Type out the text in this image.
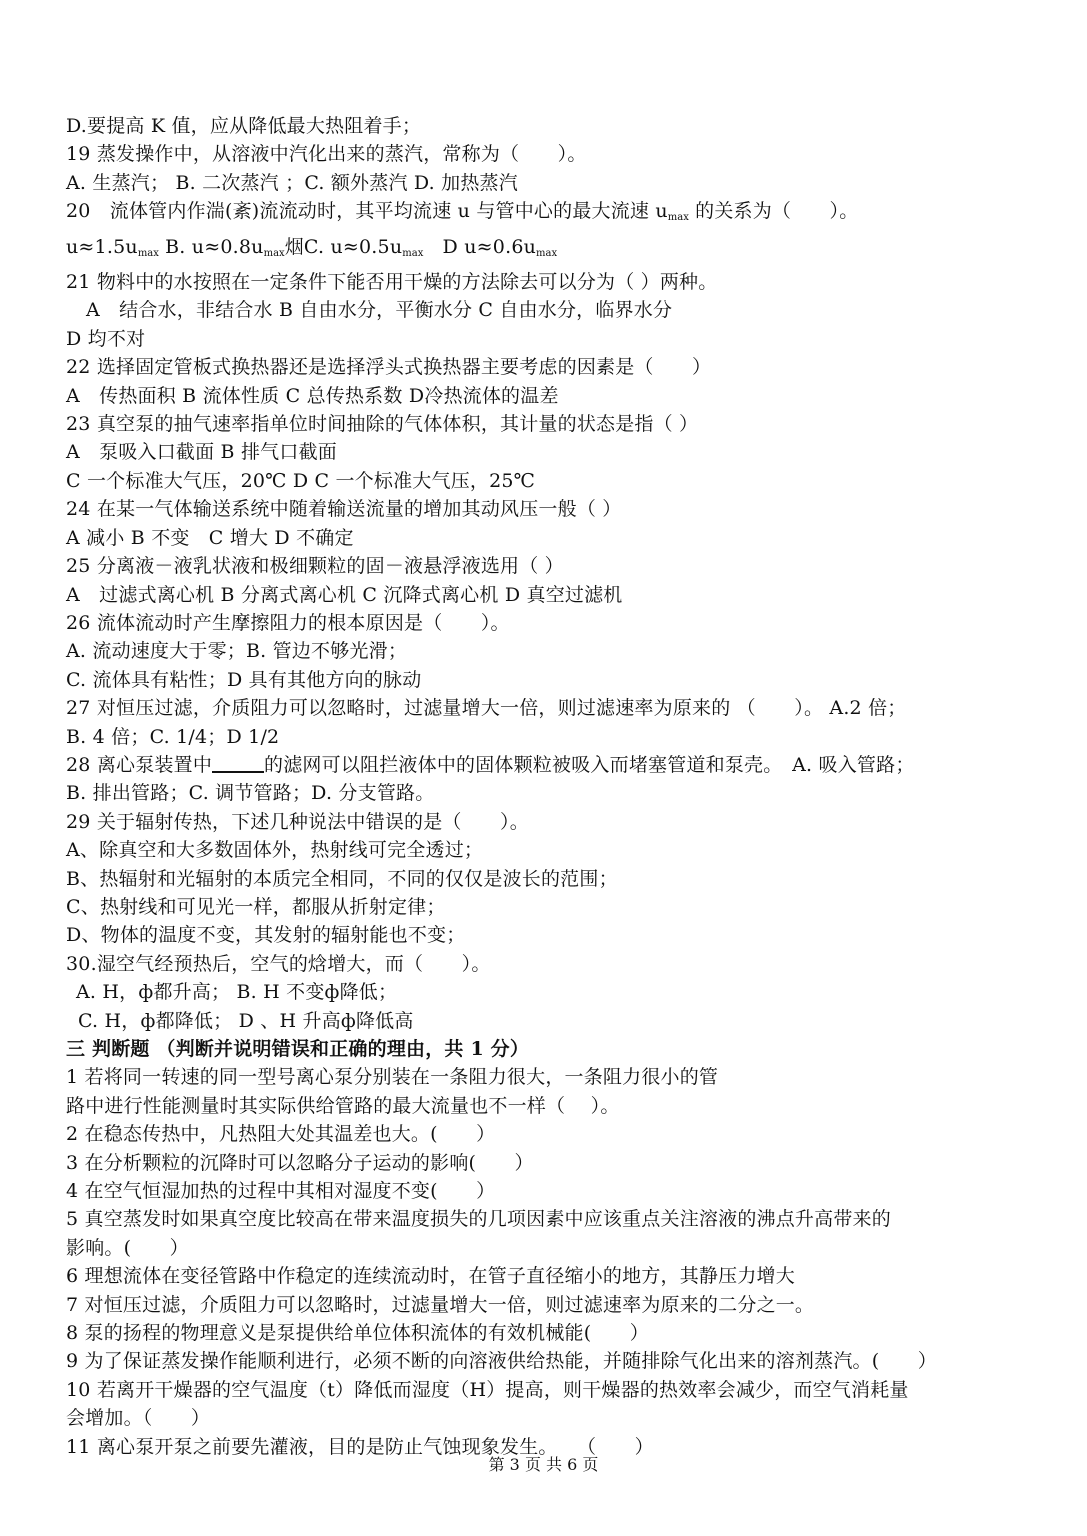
D.要提高 K 值，应从降低最大热阻着手；
19 蒸发操作中，从溶液中汽化出来的蒸汽，常称为（　　）。
A. 生蒸汽； B. 二次蒸汽 ；C. 额外蒸汽 D. 加热蒸汽
20　流体管内作湍(紊)流流动时，其平均流速 u 与管中心的最大流速 $u_{max}$ 的关系为（　　）。
$u\approx 1.5u_{max}$ B. $u\approx 0.8u_{max}$烟C. $u\approx 0.5u_{max}$　D $u\approx 0.6u_{max}$
21 物料中的水按照在一定条件下能否用干燥的方法除去可以分为（ ）两种。
A　结合水，非结合水 B 自由水分，平衡水分 C 自由水分，临界水分
D 均不对
22 选择固定管板式换热器还是选择浮头式换热器主要考虑的因素是（　　）
A　传热面积 B 流体性质 C 总传热系数 D冷热流体的温差
23 真空泵的抽气速率指单位时间抽除的气体体积，其计量的状态是指（ ）
A　泵吸入口截面 B 排气口截面
C 一个标准大气压，20℃ D C 一个标准大气压，25℃
24 在某一气体输送系统中随着输送流量的增加其动风压一般（ ）
A 减小 B 不变　C 增大 D 不确定
25 分离液－液乳状液和极细颗粒的固－液悬浮液选用（ ）
A　过滤式离心机 B 分离式离心机 C 沉降式离心机 D 真空过滤机
26 流体流动时产生摩擦阻力的根本原因是（　　）。
A. 流动速度大于零；B. 管边不够光滑；
C. 流体具有粘性；D 具有其他方向的脉动
27 对恒压过滤，介质阻力可以忽略时，过滤量增大一倍，则过滤速率为原来的 （　　）。 A.2 倍；
B. 4 倍；C. 1/4；D 1/2
28 离心泵装置中	的滤网可以阻拦液体中的固体颗粒被吸入而堵塞管道和泵壳。　A. 吸入管路；
B. 排出管路；C. 调节管路；D. 分支管路。
29 关于辐射传热，下述几种说法中错误的是（　　）。
A、除真空和大多数固体外，热射线可完全透过；
B、热辐射和光辐射的本质完全相同，不同的仅仅是波长的范围；
C、热射线和可见光一样，都服从折射定律；
D、物体的温度不变，其发射的辐射能也不变；
30.湿空气经预热后，空气的焓增大，而（　　）。
A. H，ф都升高； B. H 不变ф降低；
C. H，ф都降低； D 、H 升高ф降低高
三 判断题 （判断并说明错误和正确的理由，共 1 分）
1 若将同一转速的同一型号离心泵分别装在一条阻力很大，一条阻力很小的管
路中进行性能测量时其实际供给管路的最大流量也不一样（　 ）。
2 在稳态传热中，凡热阻大处其温差也大。(　　）
3 在分析颗粒的沉降时可以忽略分子运动的影响(　　）
4 在空气恒湿加热的过程中其相对湿度不变(　　）
5 真空蒸发时如果真空度比较高在带来温度损失的几项因素中应该重点关注溶液的沸点升高带来的
影响。(　　）
6 理想流体在变径管路中作稳定的连续流动时，在管子直径缩小的地方，其静压力增大
7 对恒压过滤，介质阻力可以忽略时，过滤量增大一倍，则过滤速率为原来的二分之一。
8 泵的扬程的物理意义是泵提供给单位体积流体的有效机械能(　　）
9 为了保证蒸发操作能顺利进行，必须不断的向溶液供给热能，并随排除气化出来的溶剂蒸汽。(　　）
10 若离开干燥器的空气温度（t）降低而湿度（H）提高，则干燥器的热效率会减少，而空气消耗量
会增加。（　　）
11 离心泵开泵之前要先灌液，目的是防止气蚀现象发生。　　（　　）
第 3 页 共 6 页
